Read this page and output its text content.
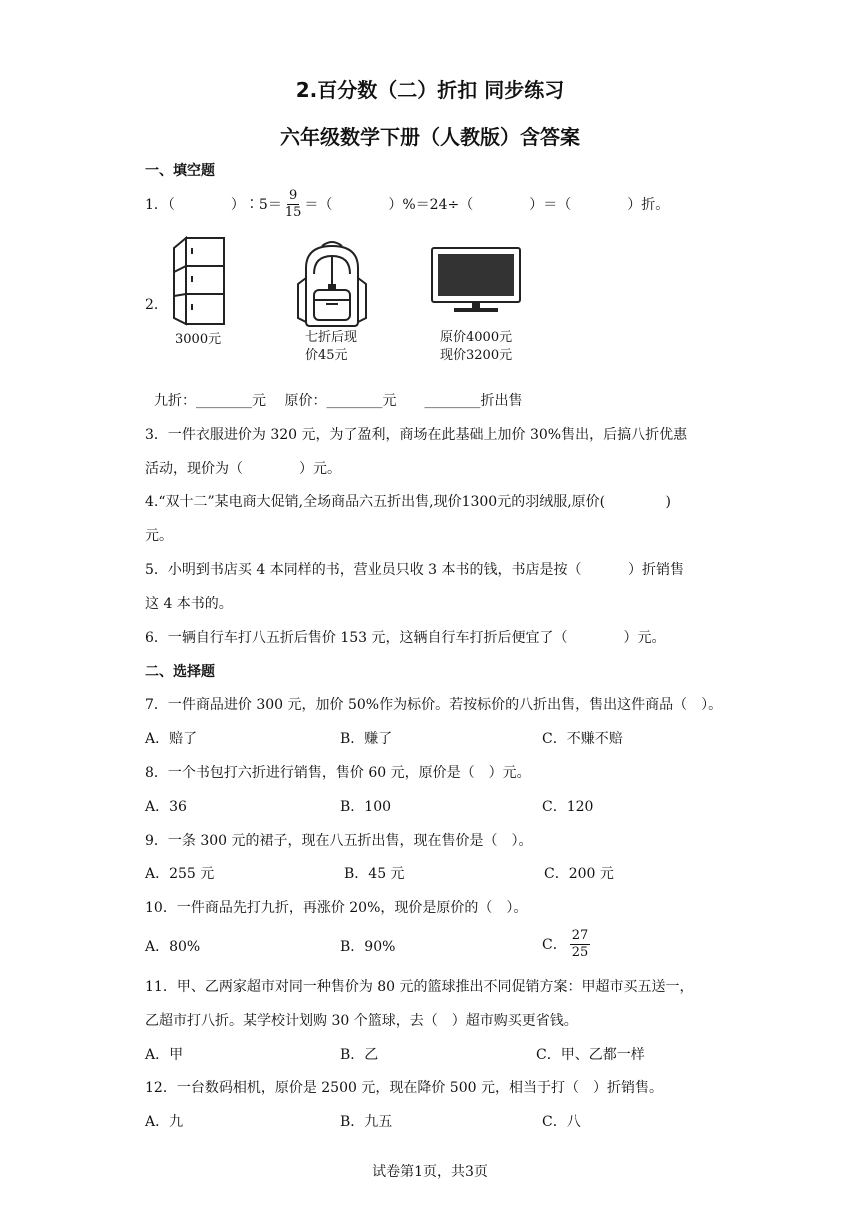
2.百分数（二）折扣 同步练习
六年级数学下册（人教版）含答案
一、填空题
1．（　　　　）∶5＝ $\frac{9}{15}$ ＝（　　　　）%＝24÷（　　　　）＝（　　　　）折。
2．
3000元	七折后现
价45元
原价4000元
现价3200元
九折：________元　 原价：________元　　________折出售
3．一件衣服进价为 320 元，为了盈利，商场在此基础上加价 30%售出，后搞八折优惠
活动，现价为（　　　　）元。
4.“双十二”某电商大促销,全场商品六五折出售,现价1300元的羽绒服,原价(　　　　 )
元。
5．小明到书店买 4 本同样的书，营业员只收 3 本书的钱，书店是按（　　　 ）折销售
这 4 本书的。
6．一辆自行车打八五折后售价 153 元，这辆自行车打折后便宜了（　　　　）元。
二、选择题
7．一件商品进价 300 元，加价 50%作为标价。若按标价的八折出售，售出这件商品（　）。
A．赔了	B．赚了	C．不赚不赔
8．一个书包打六折进行销售，售价 60 元，原价是（　）元。
A．36	B．100	C．120
9．一条 300 元的裙子，现在八五折出售，现在售价是（　）。
A．255 元	B．45 元	C．200 元
10．一件商品先打九折，再涨价 20%，现价是原价的（　）。
A．80%	B．90%	C． $\frac{27}{25}$
11．甲、乙两家超市对同一种售价为 80 元的篮球推出不同促销方案：甲超市买五送一，
乙超市打八折。某学校计划购 30 个篮球，去（　）超市购买更省钱。
A．甲	B．乙	C．甲、乙都一样
12．一台数码相机，原价是 2500 元，现在降价 500 元，相当于打（　）折销售。
A．九	B．九五	C．八
试卷第1页，共3页
